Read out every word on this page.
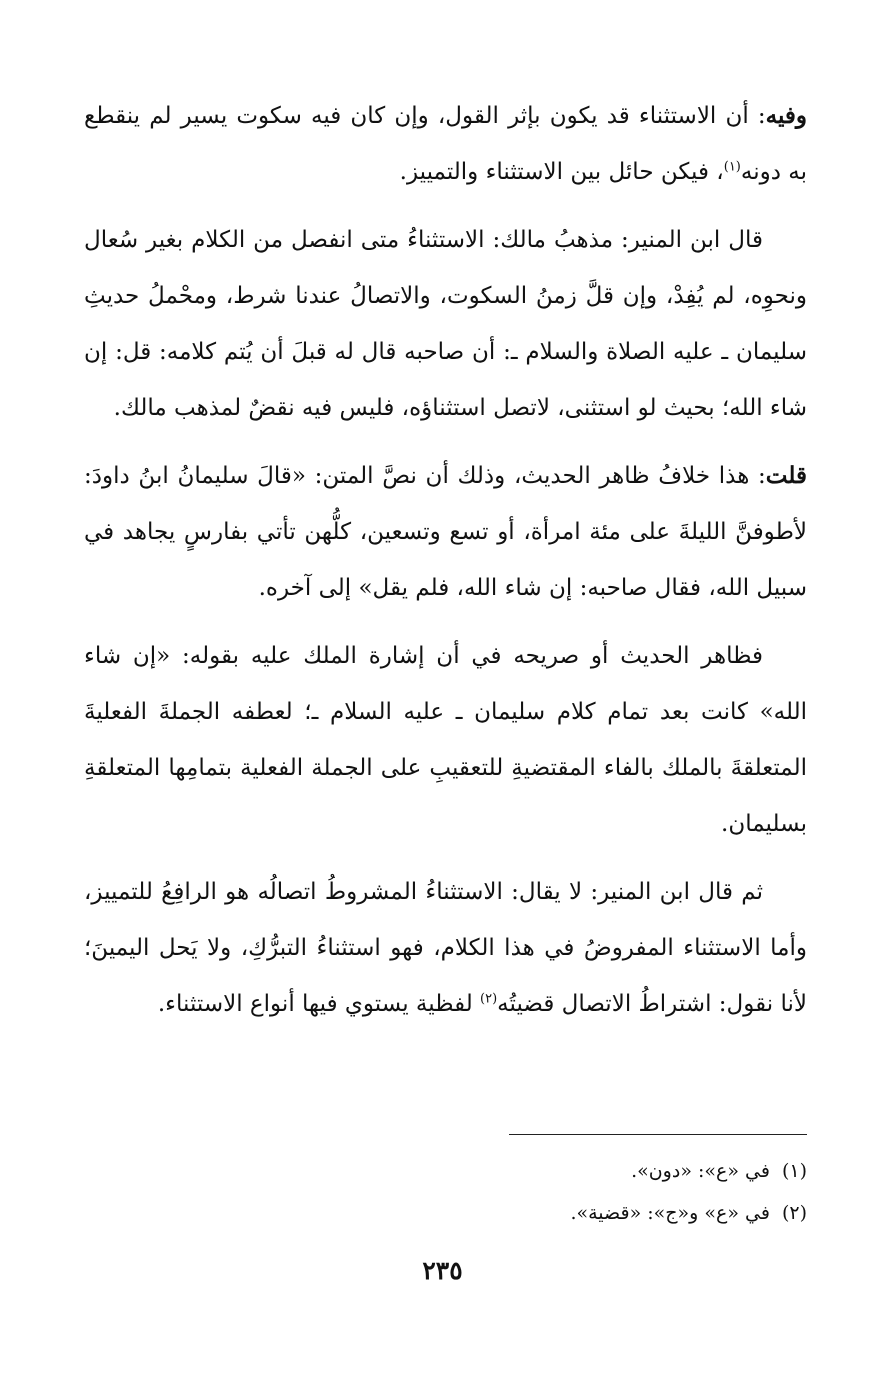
وفيه: أن الاستثناء قد يكون بإثر القول، وإن كان فيه سكوت يسير لم ينقطع به دونه$^{(١)}$، فيكن حائل بين الاستثناء والتمييز.

قال ابن المنير: مذهبُ مالك: الاستثناءُ متى انفصل من الكلام بغير سُعال ونحوِه، لم يُفِدْ، وإن قلَّ زمنُ السكوت، والاتصالُ عندنا شرط، ومحْملُ حديثِ سليمان ـ عليه الصلاة والسلام ـ: أن صاحبه قال له قبلَ أن يُتم كلامه: قل: إن شاء الله؛ بحيث لو استثنى، لاتصل استثناؤه، فليس فيه نقضٌ لمذهب مالك.

قلت: هذا خلافُ ظاهر الحديث، وذلك أن نصَّ المتن: «قالَ سليمانُ ابنُ داودَ: لأطوفنَّ الليلةَ على مئة امرأة، أو تسع وتسعين، كلُّهن تأتي بفارسٍ يجاهد في سبيل الله، فقال صاحبه: إن شاء الله، فلم يقل» إلى آخره.

فظاهر الحديث أو صريحه في أن إشارة الملك عليه بقوله: «إن شاء الله» كانت بعد تمام كلام سليمان ـ عليه السلام ـ؛ لعطفه الجملةَ الفعليةَ المتعلقةَ بالملك بالفاء المقتضيةِ للتعقيبِ على الجملة الفعلية بتمامِها المتعلقةِ بسليمان.

ثم قال ابن المنير: لا يقال: الاستثناءُ المشروطُ اتصالُه هو الرافِعُ للتمييز، وأما الاستثناء المفروضُ في هذا الكلام، فهو استثناءُ التبرُّكِ، ولا يَحل اليمينَ؛ لأنا نقول: اشتراطُ الاتصال قضيتُه$^{(٢)}$ لفظية يستوي فيها أنواع الاستثناء.

(١)في «ع»: «دون».

(٢)في «ع» و«ج»: «قضية».

٢٣٥
